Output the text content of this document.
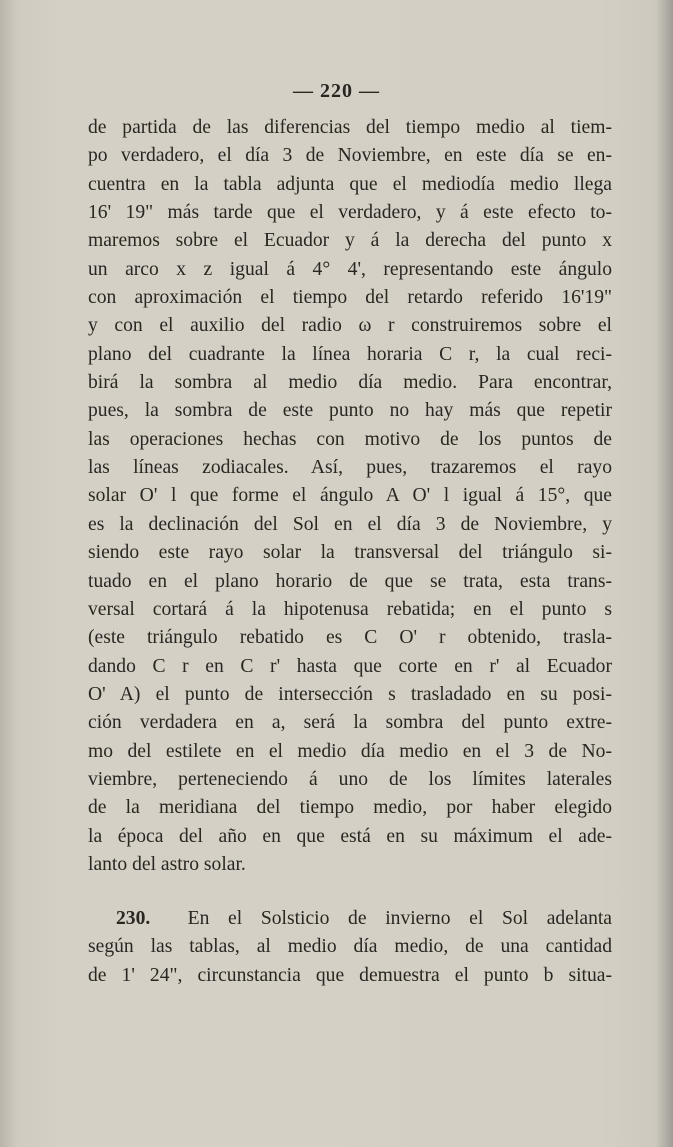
— 220 —
de partida de las diferencias del tiempo medio al tiem-
po verdadero, el día 3 de Noviembre, en este día se en-
cuentra en la tabla adjunta que el mediodía medio llega
16' 19" más tarde que el verdadero, y á este efecto to-
maremos sobre el Ecuador y á la derecha del punto x
un arco x z igual á 4° 4', representando este ángulo
con aproximación el tiempo del retardo referido 16'19"
y con el auxilio del radio ω r construiremos sobre el
plano del cuadrante la línea horaria C r, la cual reci-
birá la sombra al medio día medio. Para encontrar,
pues, la sombra de este punto no hay más que repetir
las operaciones hechas con motivo de los puntos de
las líneas zodiacales. Así, pues, trazaremos el rayo
solar O' l que forme el ángulo A O' l igual á 15°, que
es la declinación del Sol en el día 3 de Noviembre, y
siendo este rayo solar la transversal del triángulo si-
tuado en el plano horario de que se trata, esta trans-
versal cortará á la hipotenusa rebatida; en el punto s
(este triángulo rebatido es C O' r obtenido, trasla-
dando C r en C r' hasta que corte en r' al Ecuador
O' A) el punto de intersección s trasladado en su posi-
ción verdadera en a, será la sombra del punto extre-
mo del estilete en el medio día medio en el 3 de No-
viembre, perteneciendo á uno de los límites laterales
de la meridiana del tiempo medio, por haber elegido
la época del año en que está en su máximum el ade-
lanto del astro solar.
230. En el Solsticio de invierno el Sol adelanta
según las tablas, al medio día medio, de una cantidad
de 1' 24", circunstancia que demuestra el punto b situa-
